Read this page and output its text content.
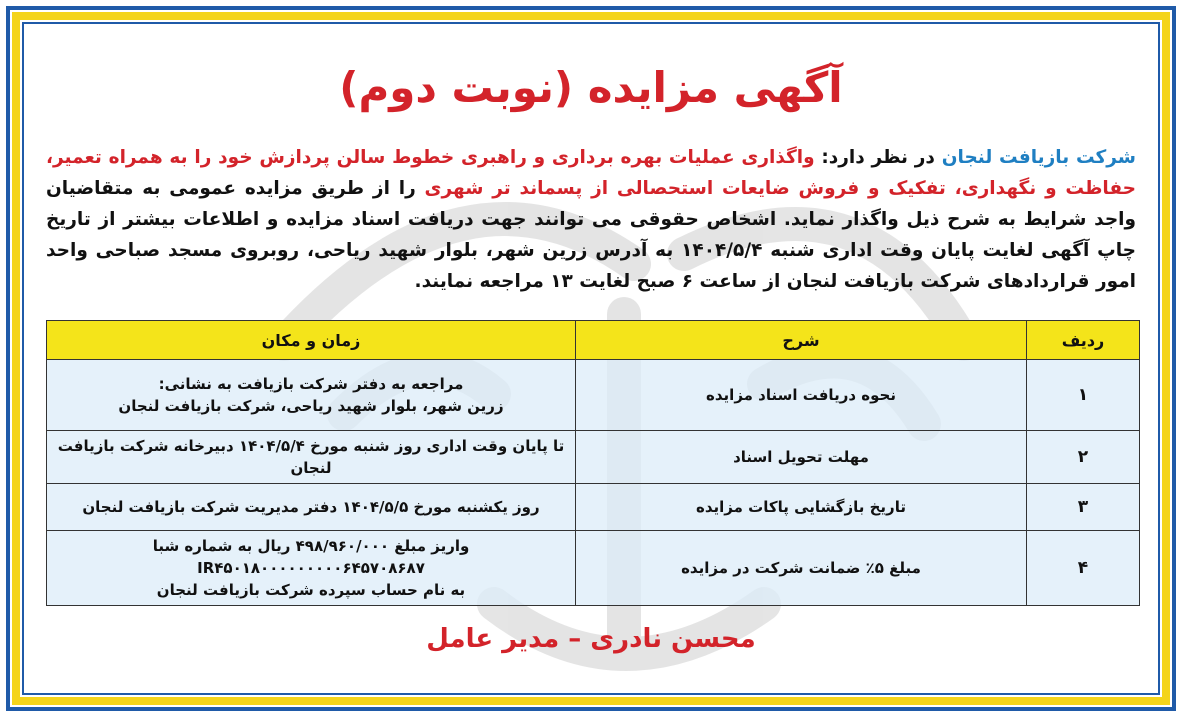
آگهی مزایده (نوبت دوم)
شرکت بازیافت لنجان در نظر دارد: واگذاری عملیات بهره برداری و راهبری خطوط سالن پردازش خود را به همراه تعمیر، حفاظت و نگهداری، تفکیک و فروش ضایعات استحصالی از پسماند تر شهری را از طریق مزایده عمومی به متقاضیان واجد شرایط به شرح ذیل واگذار نماید. اشخاص حقوقی می توانند جهت دریافت اسناد مزایده و اطلاعات بیشتر از تاریخ چاپ آگهی لغایت پایان وقت اداری شنبه ۱۴۰۴/۵/۴ به آدرس زرین شهر، بلوار شهید ریاحی، روبروی مسجد صباحی واحد امور قراردادهای شرکت بازیافت لنجان از ساعت ۶ صبح لغایت ۱۳ مراجعه نمایند.
ردیف	شرح	زمان و مکان
۱	نحوه دریافت اسناد مزایده	مراجعه به دفتر شرکت بازیافت به نشانی:
زرین شهر، بلوار شهید ریاحی، شرکت بازیافت لنجان

۲	مهلت تحویل اسناد	تا پایان وقت اداری روز شنبه مورخ ۱۴۰۴/۵/۴ دبیرخانه شرکت بازیافت لنجان

۳	تاریخ بازگشایی پاکات مزایده	روز یکشنبه مورخ ۱۴۰۴/۵/۵ دفتر مدیریت شرکت بازیافت لنجان

۴	مبلغ ۵٪ ضمانت شرکت در مزایده	واریز مبلغ ۴۹۸/۹۶۰/۰۰۰ ریال به شماره شبا IR۴۵۰۱۸۰۰۰۰۰۰۰۰۰۶۴۵۷۰۸۶۸۷
به نام حساب سپرده شرکت بازیافت لنجان
محسن نادری – مدیر عامل
